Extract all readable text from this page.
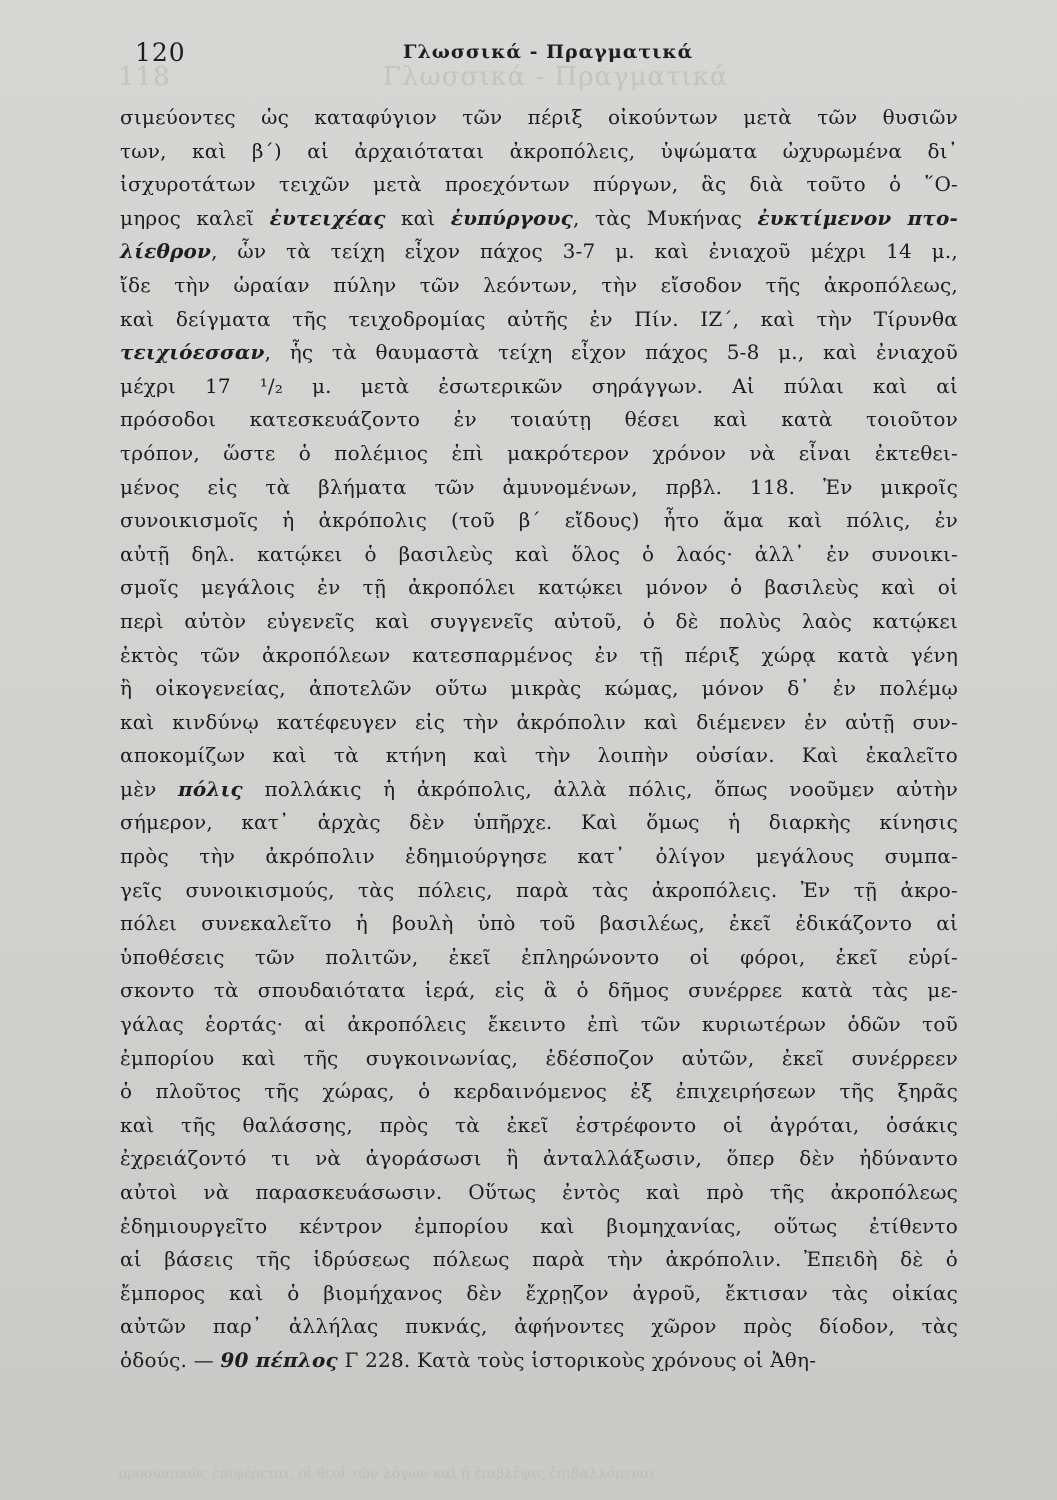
118	Γλωσσικά - Πραγματικά
120	Γλωσσικά - Πραγματικά
σιμεύοντες ὡς καταφύγιον τῶν πέριξ οἰκούντων μετὰ τῶν θυσιῶν
των, καὶ β΄) αἱ ἀρχαιόταται ἀκροπόλεις, ὑψώματα ὠχυρωμένα δι᾽
ἰσχυροτάτων τειχῶν μετὰ προεχόντων πύργων, ἃς διὰ τοῦτο ὁ ῞Ο-
μηρος καλεῖ ἐυτειχέας καὶ ἐυπύργους, τὰς Μυκήνας ἐυκτίμενον πτο-
λίεθρον, ὧν τὰ τείχη εἶχον πάχος 3-7 μ. καὶ ἐνιαχοῦ μέχρι 14 μ.,
ἴδε τὴν ὡραίαν πύλην τῶν λεόντων, τὴν εἴσοδον τῆς ἀκροπόλεως,
καὶ δείγματα τῆς τειχοδρομίας αὐτῆς ἐν Πίν. ΙΖ΄, καὶ τὴν Τίρυνθα
τειχιόεσσαν, ἧς τὰ θαυμαστὰ τείχη εἶχον πάχος 5-8 μ., καὶ ἐνιαχοῦ
μέχρι 17 ¹/₂ μ. μετὰ ἐσωτερικῶν σηράγγων. Αἱ πύλαι καὶ αἱ
πρόσοδοι κατεσκευάζοντο ἐν τοιαύτῃ θέσει καὶ κατὰ τοιοῦτον
τρόπον, ὥστε ὁ πολέμιος ἐπὶ μακρότερον χρόνον νὰ εἶναι ἐκτεθει-
μένος εἰς τὰ βλήματα τῶν ἀμυνομένων, πρβλ. 118. Ἐν μικροῖς
συνοικισμοῖς ἡ ἀκρόπολις (τοῦ β΄ εἴδους) ἦτο ἅμα καὶ πόλις, ἐν
αὐτῇ δηλ. κατῴκει ὁ βασιλεὺς καὶ ὅλος ὁ λαός· ἀλλ᾽ ἐν συνοικι-
σμοῖς μεγάλοις ἐν τῇ ἀκροπόλει κατῴκει μόνον ὁ βασιλεὺς καὶ οἱ
περὶ αὐτὸν εὐγενεῖς καὶ συγγενεῖς αὐτοῦ, ὁ δὲ πολὺς λαὸς κατῴκει
ἐκτὸς τῶν ἀκροπόλεων κατεσπαρμένος ἐν τῇ πέριξ χώρᾳ κατὰ γένη
ἢ οἰκογενείας, ἀποτελῶν οὕτω μικρὰς κώμας, μόνον δ᾽ ἐν πολέμῳ
καὶ κινδύνῳ κατέφευγεν εἰς τὴν ἀκρόπολιν καὶ διέμενεν ἐν αὐτῇ συν-
αποκομίζων καὶ τὰ κτήνη καὶ τὴν λοιπὴν οὐσίαν. Καὶ ἐκαλεῖτο
μὲν πόλις πολλάκις ἡ ἀκρόπολις, ἀλλὰ πόλις, ὅπως νοοῦμεν αὐτὴν
σήμερον, κατ᾽ ἀρχὰς δὲν ὑπῆρχε. Καὶ ὅμως ἡ διαρκὴς κίνησις
πρὸς τὴν ἀκρόπολιν ἐδημιούργησε κατ᾽ ὀλίγον μεγάλους συμπα-
γεῖς συνοικισμούς, τὰς πόλεις, παρὰ τὰς ἀκροπόλεις. Ἐν τῇ ἀκρο-
πόλει συνεκαλεῖτο ἡ βουλὴ ὑπὸ τοῦ βασιλέως, ἐκεῖ ἐδικάζοντο αἱ
ὑποθέσεις τῶν πολιτῶν, ἐκεῖ ἐπληρώνοντο οἱ φόροι, ἐκεῖ εὑρί-
σκοντο τὰ σπουδαιότατα ἱερά, εἰς ἃ ὁ δῆμος συνέρρεε κατὰ τὰς με-
γάλας ἑορτάς· αἱ ἀκροπόλεις ἔκειντο ἐπὶ τῶν κυριωτέρων ὁδῶν τοῦ
ἐμπορίου καὶ τῆς συγκοινωνίας, ἐδέσποζον αὐτῶν, ἐκεῖ συνέρρεεν
ὁ πλοῦτος τῆς χώρας, ὁ κερδαινόμενος ἐξ ἐπιχειρήσεων τῆς ξηρᾶς
καὶ τῆς θαλάσσης, πρὸς τὰ ἐκεῖ ἐστρέφοντο οἱ ἀγρόται, ὁσάκις
ἐχρειάζοντό τι νὰ ἀγοράσωσι ἢ ἀνταλλάξωσιν, ὅπερ δὲν ἠδύναντο
αὐτοὶ νὰ παρασκευάσωσιν. Οὕτως ἐντὸς καὶ πρὸ τῆς ἀκροπόλεως
ἐδημιουργεῖτο κέντρον ἐμπορίου καὶ βιομηχανίας, οὕτως ἐτίθεντο
αἱ βάσεις τῆς ἱδρύσεως πόλεως παρὰ τὴν ἀκρόπολιν. Ἐπειδὴ δὲ ὁ
ἔμπορος καὶ ὁ βιομήχανος δὲν ἔχρῃζον ἀγροῦ, ἔκτισαν τὰς οἰκίας
αὐτῶν παρ᾽ ἀλλήλας πυκνάς, ἀφήνοντες χῶρον πρὸς δίοδον, τὰς
ὁδούς. — 90 πέπλος Γ 228. Κατὰ τοὺς ἱστορικοὺς χρόνους οἱ Ἀθη-
προσωπικῶς ἐπιφέρεται, οἱ θεοὶ τῶν λόγων καὶ ἡ ἐπιβλέψις ἐπιβαλλόμεναι
